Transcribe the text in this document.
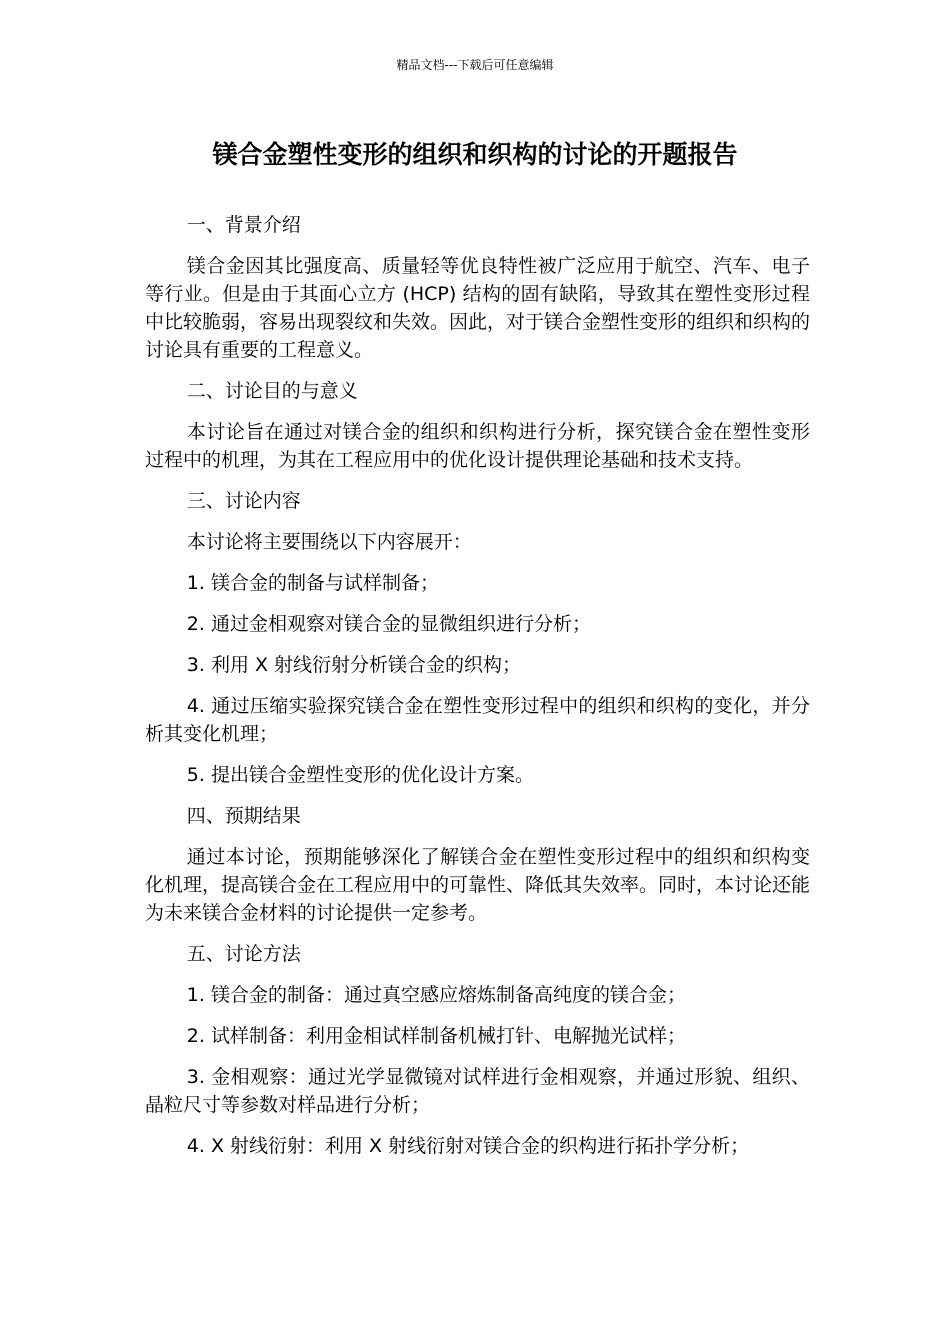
精品文档---下载后可任意编辑
镁合金塑性变形的组织和织构的讨论的开题报告

一、背景介绍

镁合金因其比强度高、质量轻等优良特性被广泛应用于航空、汽车、电子等行业。但是由于其面心立方 (HCP) 结构的固有缺陷，导致其在塑性变形过程中比较脆弱，容易出现裂纹和失效。因此，对于镁合金塑性变形的组织和织构的讨论具有重要的工程意义。

二、讨论目的与意义

本讨论旨在通过对镁合金的组织和织构进行分析，探究镁合金在塑性变形过程中的机理，为其在工程应用中的优化设计提供理论基础和技术支持。

三、讨论内容

本讨论将主要围绕以下内容展开：

1. 镁合金的制备与试样制备；

2. 通过金相观察对镁合金的显微组织进行分析；

3. 利用 X 射线衍射分析镁合金的织构；

4. 通过压缩实验探究镁合金在塑性变形过程中的组织和织构的变化，并分析其变化机理；

5. 提出镁合金塑性变形的优化设计方案。

四、预期结果

通过本讨论，预期能够深化了解镁合金在塑性变形过程中的组织和织构变化机理，提高镁合金在工程应用中的可靠性、降低其失效率。同时，本讨论还能为未来镁合金材料的讨论提供一定参考。

五、讨论方法

1. 镁合金的制备：通过真空感应熔炼制备高纯度的镁合金；

2. 试样制备：利用金相试样制备机械打针、电解抛光试样；

3. 金相观察：通过光学显微镜对试样进行金相观察，并通过形貌、组织、晶粒尺寸等参数对样品进行分析；

4. X 射线衍射：利用 X 射线衍射对镁合金的织构进行拓扑学分析；
